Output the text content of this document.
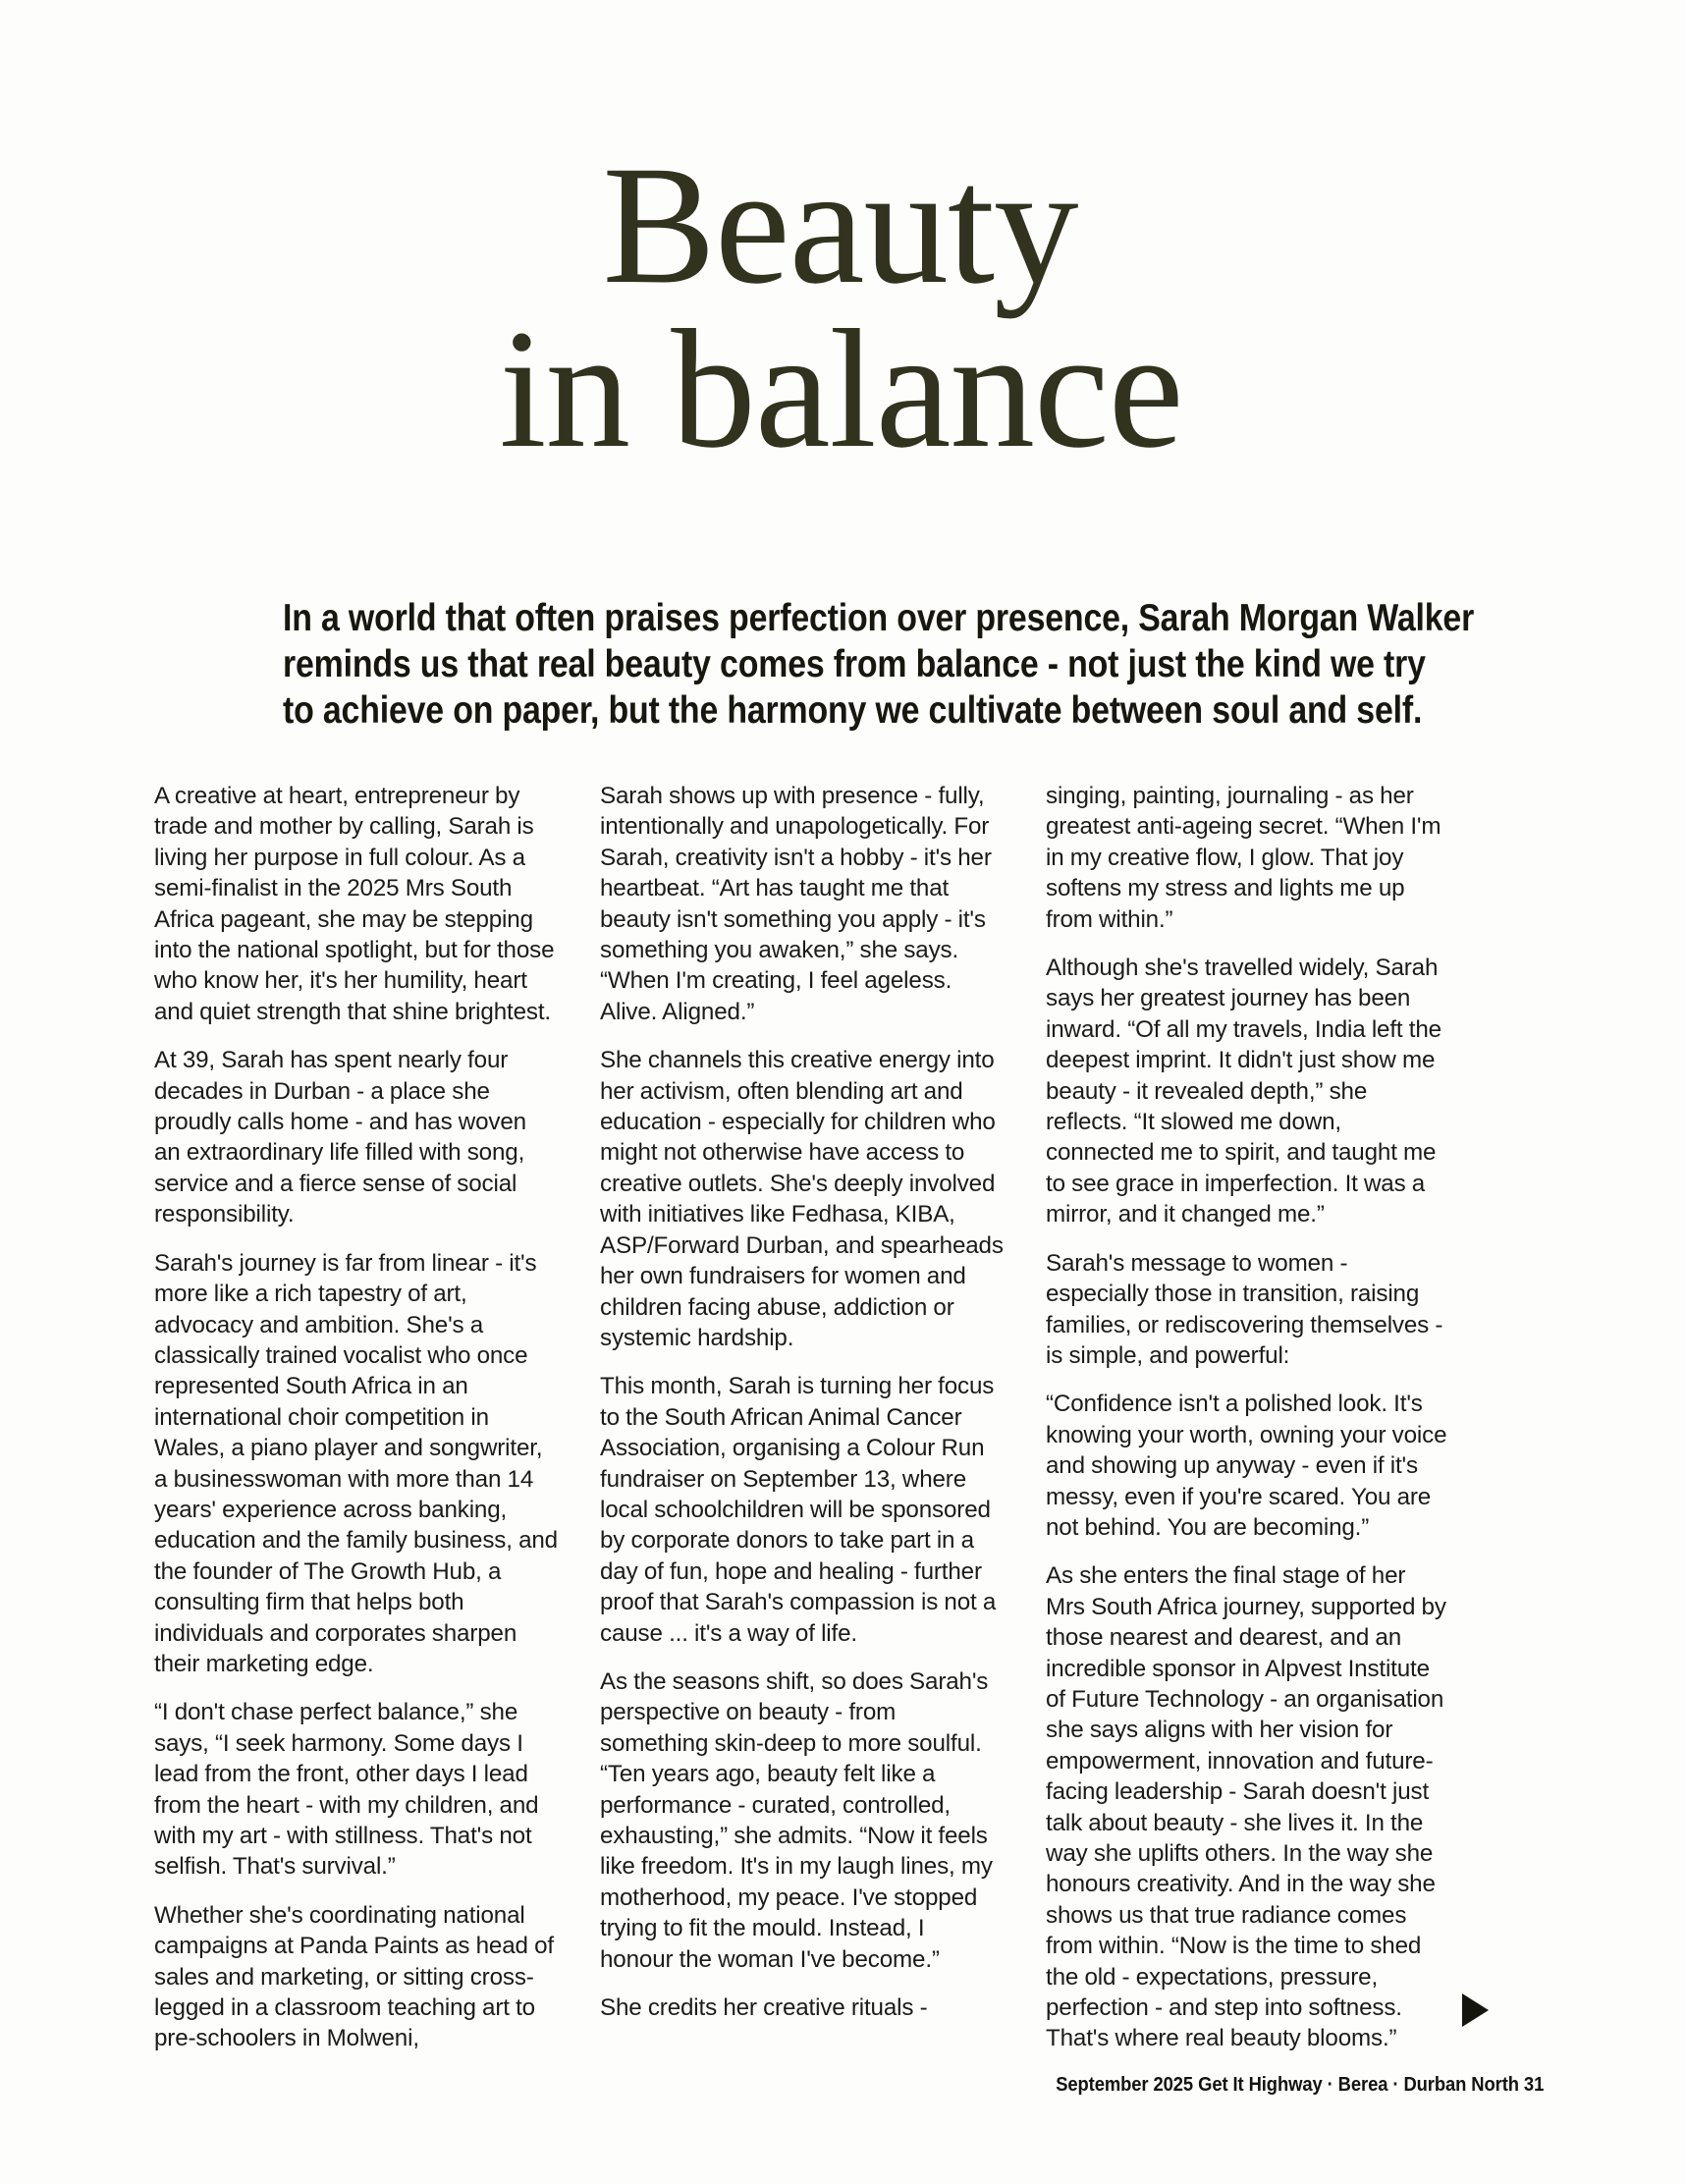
Beauty
in balance
In a world that often praises perfection over presence, Sarah Morgan Walker
reminds us that real beauty comes from balance - not just the kind we try
to achieve on paper, but the harmony we cultivate between soul and self.

A creative at heart, entrepreneur by trade and mother by calling, Sarah is living her purpose in full colour. As a semi-finalist in the 2025 Mrs South Africa pageant, she may be stepping into the national spotlight, but for those who know her, it's her humility, heart and quiet strength that shine brightest.

At 39, Sarah has spent nearly four decades in Durban - a place she proudly calls home - and has woven an extraordinary life filled with song, service and a fierce sense of social responsibility.

Sarah's journey is far from linear - it's more like a rich tapestry of art, advocacy and ambition. She's a classically trained vocalist who once represented South Africa in an international choir competition in Wales, a piano player and songwriter, a businesswoman with more than 14 years' experience across banking, education and the family business, and the founder of The Growth Hub, a consulting firm that helps both individuals and corporates sharpen their marketing edge.

“I don't chase perfect balance,” she says, “I seek harmony. Some days I lead from the front, other days I lead from the heart - with my children, and with my art - with stillness. That's not selfish. That's survival.”

Whether she's coordinating national campaigns at Panda Paints as head of sales and marketing, or sitting cross-legged in a classroom teaching art to pre-schoolers in Molweni,

Sarah shows up with presence - fully, intentionally and unapologetically. For Sarah, creativity isn't a hobby - it's her heartbeat. “Art has taught me that beauty isn't something you apply - it's something you awaken,” she says. “When I'm creating, I feel ageless. Alive. Aligned.”

She channels this creative energy into her activism, often blending art and education - especially for children who might not otherwise have access to creative outlets. She's deeply involved with initiatives like Fedhasa, KIBA, ASP/Forward Durban, and spearheads her own fundraisers for women and children facing abuse, addiction or systemic hardship.

This month, Sarah is turning her focus to the South African Animal Cancer Association, organising a Colour Run fundraiser on September 13, where local schoolchildren will be sponsored by corporate donors to take part in a day of fun, hope and healing - further proof that Sarah's compassion is not a cause ... it's a way of life.

As the seasons shift, so does Sarah's perspective on beauty - from something skin-deep to more soulful. “Ten years ago, beauty felt like a performance - curated, controlled, exhausting,” she admits. “Now it feels like freedom. It's in my laugh lines, my motherhood, my peace. I've stopped trying to fit the mould. Instead, I honour the woman I've become.”

She credits her creative rituals -

singing, painting, journaling - as her greatest anti-ageing secret. “When I'm in my creative flow, I glow. That joy softens my stress and lights me up from within.”

Although she's travelled widely, Sarah says her greatest journey has been inward. “Of all my travels, India left the deepest imprint. It didn't just show me beauty - it revealed depth,” she reflects. “It slowed me down, connected me to spirit, and taught me to see grace in imperfection. It was a mirror, and it changed me.”

Sarah's message to women - especially those in transition, raising families, or rediscovering themselves - is simple, and powerful:

“Confidence isn't a polished look. It's knowing your worth, owning your voice and showing up anyway - even if it's messy, even if you're scared. You are not behind. You are becoming.”

As she enters the final stage of her Mrs South Africa journey, supported by those nearest and dearest, and an incredible sponsor in Alpvest Institute of Future Technology - an organisation she says aligns with her vision for empowerment, innovation and future-facing leadership - Sarah doesn't just talk about beauty - she lives it. In the way she uplifts others. In the way she honours creativity. And in the way she shows us that true radiance comes from within. “Now is the time to shed the old - expectations, pressure, perfection - and step into softness. That's where real beauty blooms.”

September 2025 Get It Highway · Berea · Durban North 31
